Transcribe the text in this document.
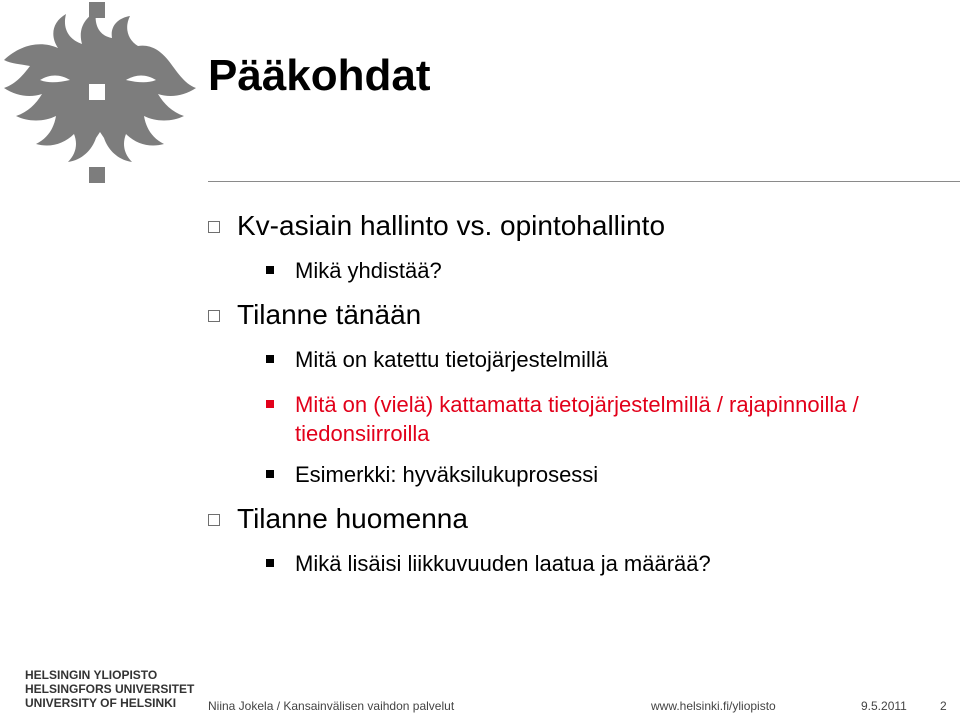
Pääkohdat
Kv-asiain hallinto vs. opintohallinto
Mikä yhdistää?
Tilanne tänään
Mitä on katettu tietojärjestelmillä
Mitä on (vielä) kattamatta tietojärjestelmillä / rajapinnoilla / tiedonsiirroilla
Esimerkki: hyväksilukuprosessi
Tilanne huomenna
Mikä lisäisi liikkuvuuden laatua ja määrää?
HELSINGIN YLIOPISTO
HELSINGFORS UNIVERSITET
UNIVERSITY OF HELSINKI	Niina Jokela / Kansainvälisen vaihdon palvelut	www.helsinki.fi/yliopisto	9.5.2011	2
